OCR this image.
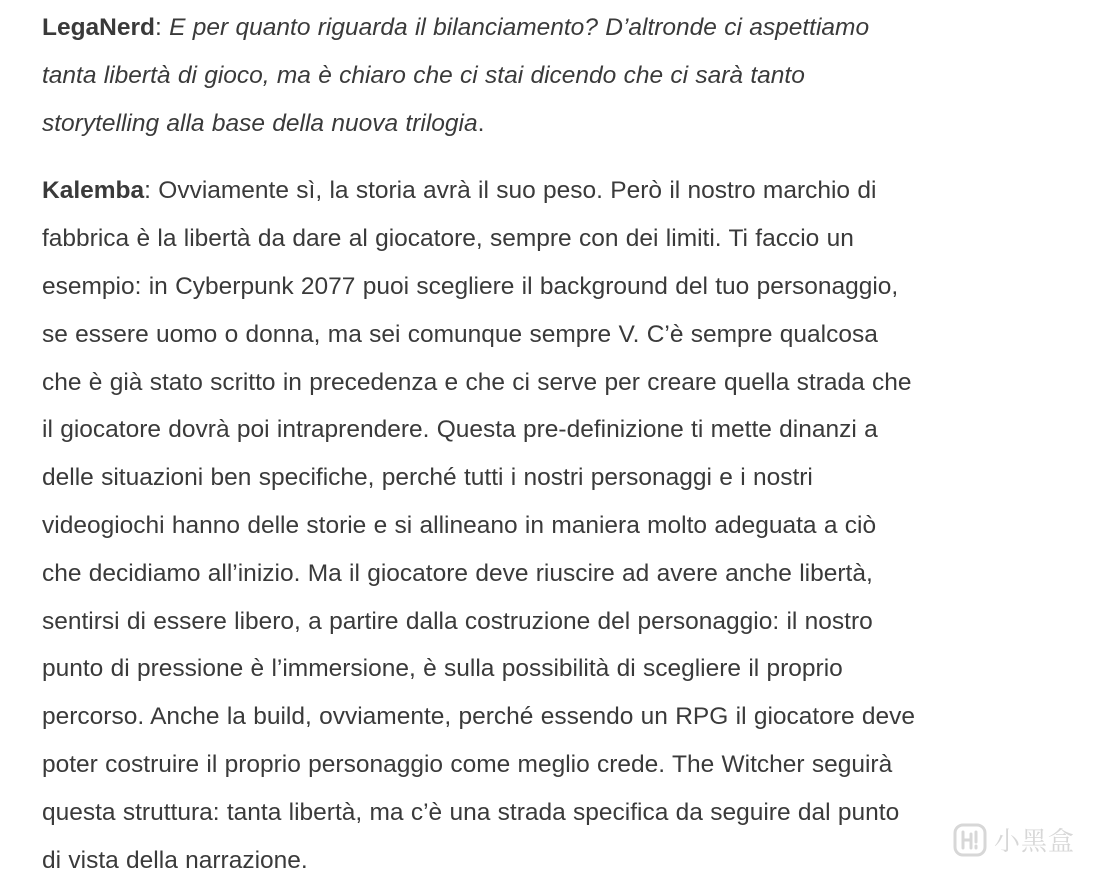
LegaNerd: E per quanto riguarda il bilanciamento? D’altronde ci aspettiamo
tanta libertà di gioco, ma è chiaro che ci stai dicendo che ci sarà tanto
storytelling alla base della nuova trilogia.

Kalemba: Ovviamente sì, la storia avrà il suo peso. Però il nostro marchio di
fabbrica è la libertà da dare al giocatore, sempre con dei limiti. Ti faccio un
esempio: in Cyberpunk 2077 puoi scegliere il background del tuo personaggio,
se essere uomo o donna, ma sei comunque sempre V. C’è sempre qualcosa
che è già stato scritto in precedenza e che ci serve per creare quella strada che
il giocatore dovrà poi intraprendere. Questa pre-definizione ti mette dinanzi a
delle situazioni ben specifiche, perché tutti i nostri personaggi e i nostri
videogiochi hanno delle storie e si allineano in maniera molto adeguata a ciò
che decidiamo all’inizio. Ma il giocatore deve riuscire ad avere anche libertà,
sentirsi di essere libero, a partire dalla costruzione del personaggio: il nostro
punto di pressione è l’immersione, è sulla possibilità di scegliere il proprio
percorso. Anche la build, ovviamente, perché essendo un RPG il giocatore deve
poter costruire il proprio personaggio come meglio crede. The Witcher seguirà
questa struttura: tanta libertà, ma c’è una strada specifica da seguire dal punto
di vista della narrazione.

小黑盒
